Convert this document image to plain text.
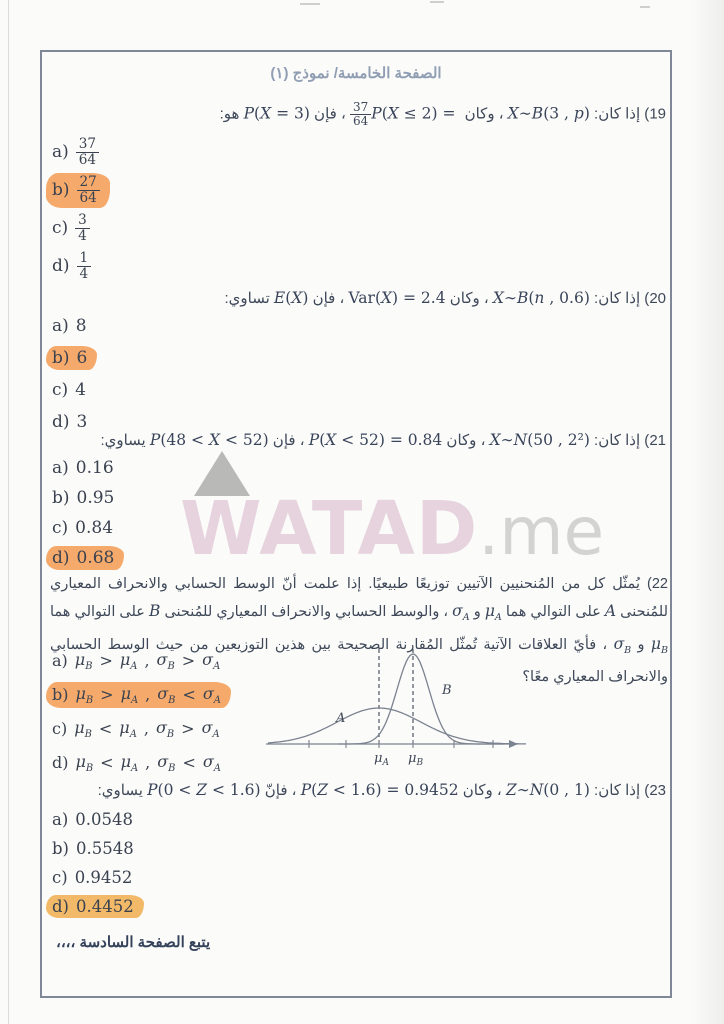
WATAD.me
الصفحة الخامسة/ نموذج (١)

19) إذا كان: X∼B(3 , p) ، وكان P(X ≤ 2) =
$\frac{37}{64}$
، فإن P(X = 3) هو:

$a) \frac{37}{64}$
$b) \frac{27}{64}$
$c) \frac{3}{4}$
$d) \frac{1}{4}$

20) إذا كان: X∼B(n , 0.6) ، وكان Var(X) = 2.4 ، فإن E(X) تساوي:

a) 8
b) 6
c) 4
d) 3

21) إذا كان: X∼N(50 , 2²) ، وكان P(X < 52) = 0.84 ، فإن P(48 < X < 52) يساوي:

a) 0.16
b) 0.95
c) 0.84
d) 0.68

22) يُمثّل كل من المُنحنيين الآتيين توزيعًا طبيعيًا. إذا علمت أنّ الوسط الحسابي والانحراف المعياري للمُنحنى A على التوالي هما $\mu_A$ و $\sigma_A$ ، والوسط الحسابي والانحراف المعياري للمُنحنى B على التوالي هما $\mu_B$ و $\sigma_B$ ، فأيّ العلاقات الآتية تُمثّل المُقارنة الصحيحة بين هذين التوزيعين من حيث الوسط الحسابي والانحراف المعياري معًا؟

a) $\mu_B > \mu_A$ , $\sigma_B > \sigma_A$
b) $\mu_B > \mu_A$ , $\sigma_B < \sigma_A$
c) $\mu_B < \mu_A$ , $\sigma_B > \sigma_A$
d) $\mu_B < \mu_A$ , $\sigma_B < \sigma_A$
A
B
$\mu_A$ $\mu_B$

23) إذا كان: Z∼N(0 , 1) ، وكان P(Z < 1.6) = 0.9452 ، فإنّ P(0 < Z < 1.6) يساوي:

a) 0.0548
b) 0.5548
c) 0.9452
d) 0.4452
يتبع الصفحة السادسة ،،،،
